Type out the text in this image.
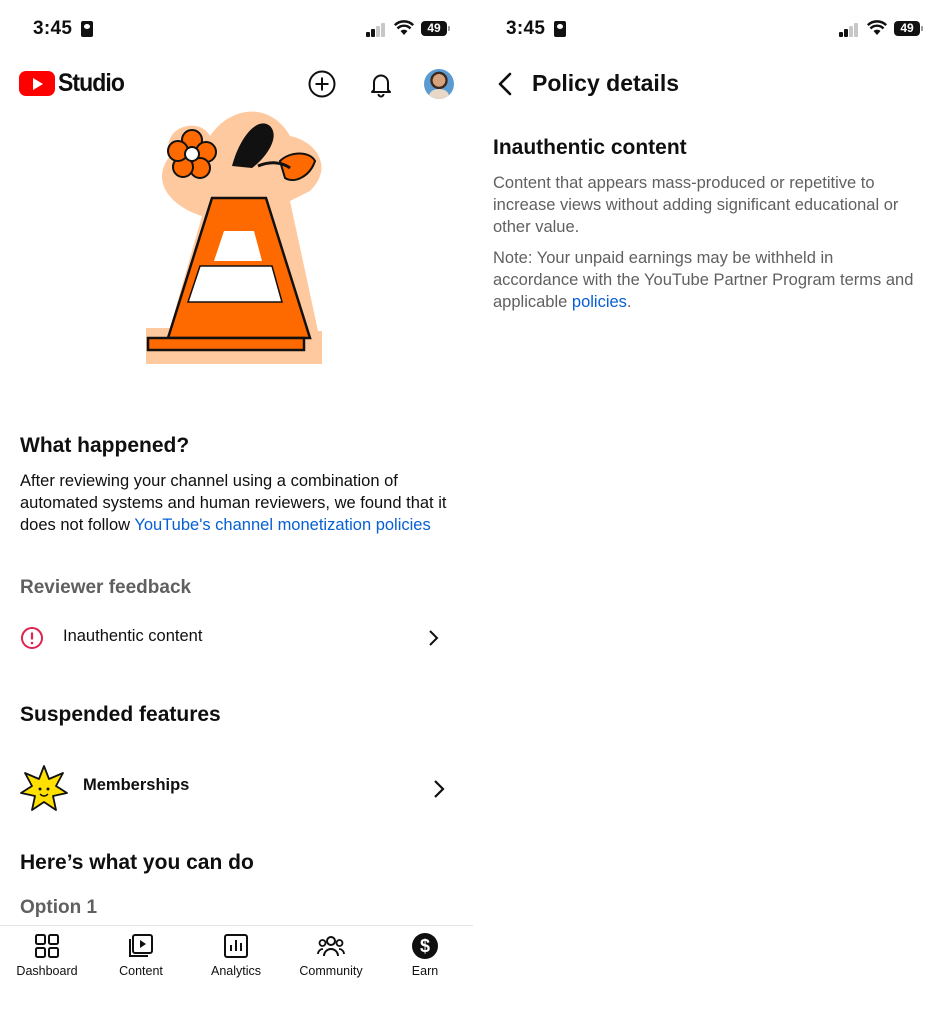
3:45	49
Studio
What happened?

After reviewing your channel using a combination of automated systems and human reviewers, we found that it does not follow YouTube's channel monetization policies

Reviewer feedback
Inauthentic content
Suspended features
Memberships
Here’s what you can do
Option 1
Dashboard	Content	Analytics	Community
$
Earn
3:45	49
Policy details
Inauthentic content

Content that appears mass-produced or repetitive to increase views without adding significant educational or other value.

Note: Your unpaid earnings may be withheld in accordance with the YouTube Partner Program terms and applicable policies.
